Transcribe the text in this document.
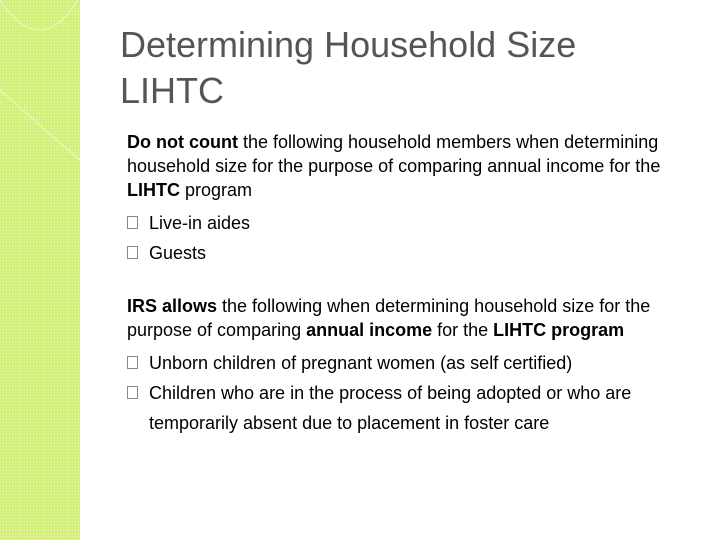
Determining Household Size
LIHTC

Do not count the following household members when determining household size for the purpose of comparing annual income for the LIHTC program

Live-in aides
Guests

IRS allows the following when determining household size for the purpose of comparing annual income for the LIHTC program

Unborn children of pregnant women (as self certified)
Children who are in the process of being adopted or who are temporarily absent due to placement in foster care
